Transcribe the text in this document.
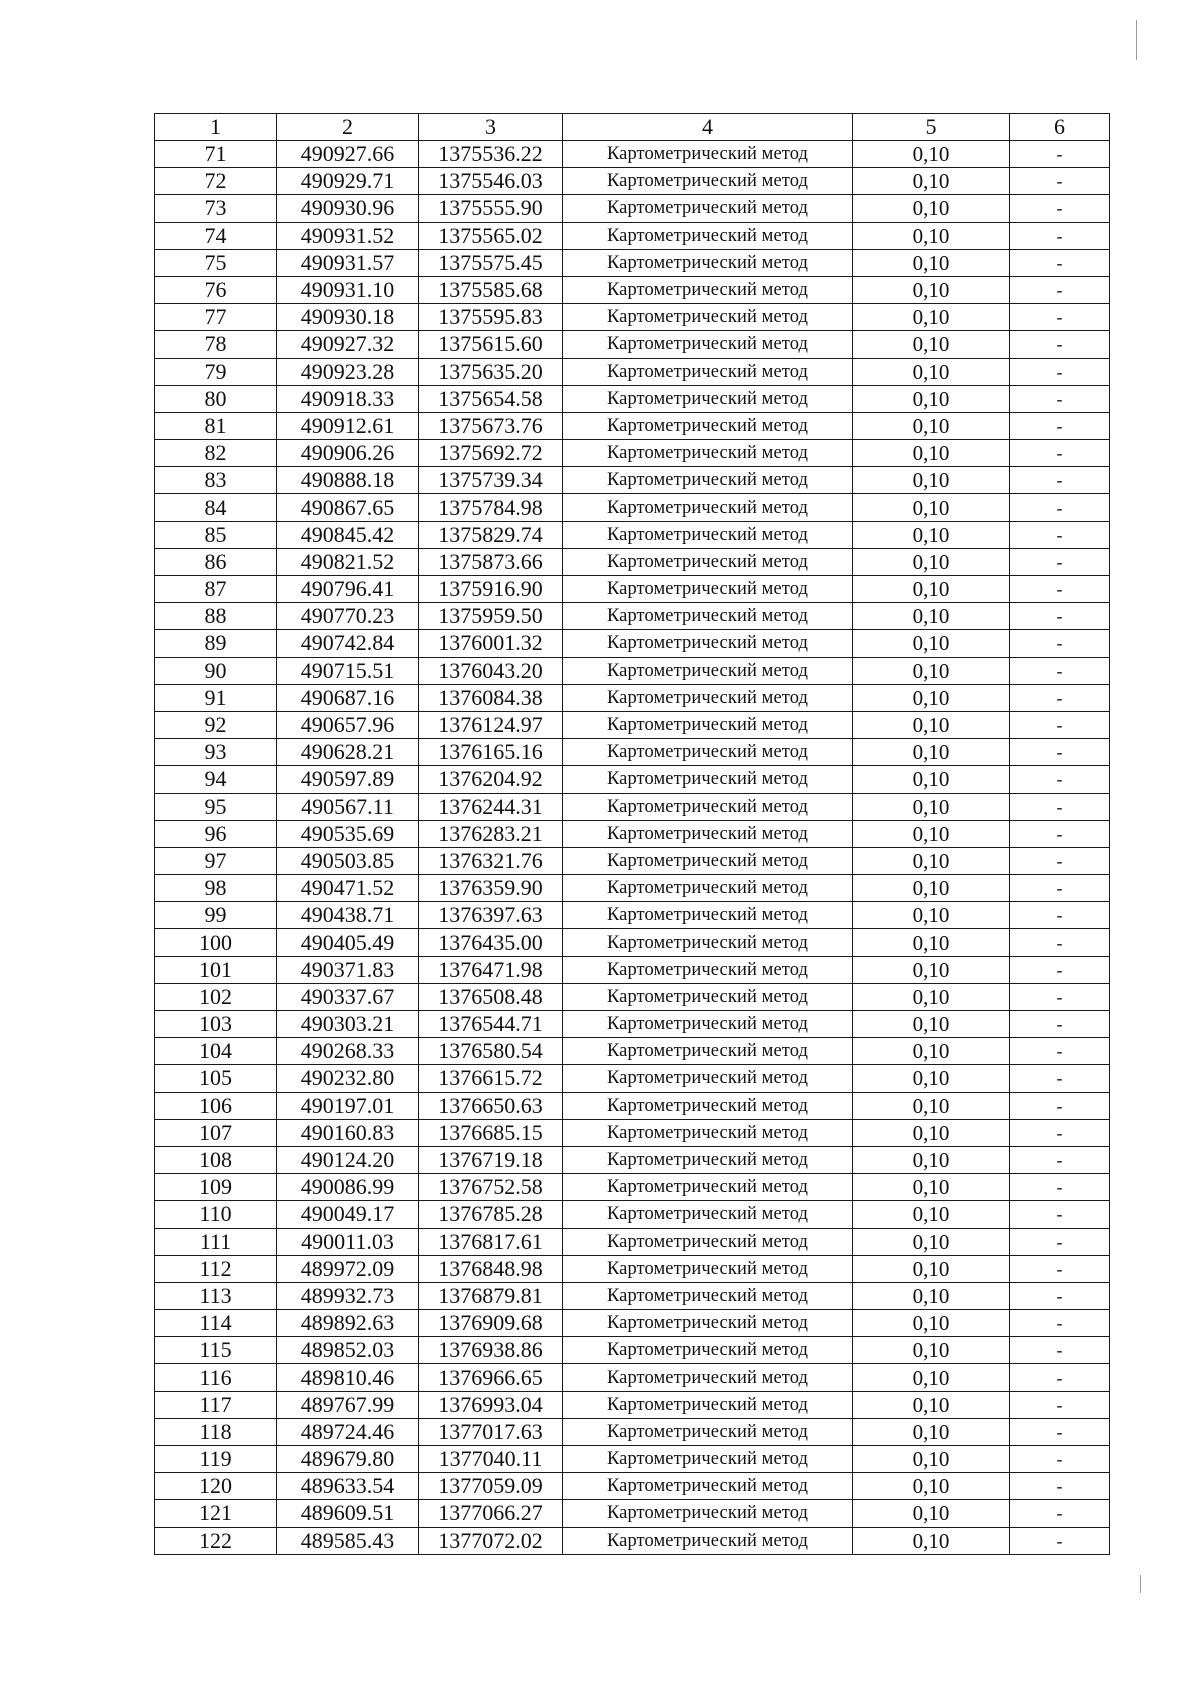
1	2	3	4	5	6
71	490927.66	1375536.22	Картометрический метод	0,10	-
72	490929.71	1375546.03	Картометрический метод	0,10	-
73	490930.96	1375555.90	Картометрический метод	0,10	-
74	490931.52	1375565.02	Картометрический метод	0,10	-
75	490931.57	1375575.45	Картометрический метод	0,10	-
76	490931.10	1375585.68	Картометрический метод	0,10	-
77	490930.18	1375595.83	Картометрический метод	0,10	-
78	490927.32	1375615.60	Картометрический метод	0,10	-
79	490923.28	1375635.20	Картометрический метод	0,10	-
80	490918.33	1375654.58	Картометрический метод	0,10	-
81	490912.61	1375673.76	Картометрический метод	0,10	-
82	490906.26	1375692.72	Картометрический метод	0,10	-
83	490888.18	1375739.34	Картометрический метод	0,10	-
84	490867.65	1375784.98	Картометрический метод	0,10	-
85	490845.42	1375829.74	Картометрический метод	0,10	-
86	490821.52	1375873.66	Картометрический метод	0,10	-
87	490796.41	1375916.90	Картометрический метод	0,10	-
88	490770.23	1375959.50	Картометрический метод	0,10	-
89	490742.84	1376001.32	Картометрический метод	0,10	-
90	490715.51	1376043.20	Картометрический метод	0,10	-
91	490687.16	1376084.38	Картометрический метод	0,10	-
92	490657.96	1376124.97	Картометрический метод	0,10	-
93	490628.21	1376165.16	Картометрический метод	0,10	-
94	490597.89	1376204.92	Картометрический метод	0,10	-
95	490567.11	1376244.31	Картометрический метод	0,10	-
96	490535.69	1376283.21	Картометрический метод	0,10	-
97	490503.85	1376321.76	Картометрический метод	0,10	-
98	490471.52	1376359.90	Картометрический метод	0,10	-
99	490438.71	1376397.63	Картометрический метод	0,10	-
100	490405.49	1376435.00	Картометрический метод	0,10	-
101	490371.83	1376471.98	Картометрический метод	0,10	-
102	490337.67	1376508.48	Картометрический метод	0,10	-
103	490303.21	1376544.71	Картометрический метод	0,10	-
104	490268.33	1376580.54	Картометрический метод	0,10	-
105	490232.80	1376615.72	Картометрический метод	0,10	-
106	490197.01	1376650.63	Картометрический метод	0,10	-
107	490160.83	1376685.15	Картометрический метод	0,10	-
108	490124.20	1376719.18	Картометрический метод	0,10	-
109	490086.99	1376752.58	Картометрический метод	0,10	-
110	490049.17	1376785.28	Картометрический метод	0,10	-
111	490011.03	1376817.61	Картометрический метод	0,10	-
112	489972.09	1376848.98	Картометрический метод	0,10	-
113	489932.73	1376879.81	Картометрический метод	0,10	-
114	489892.63	1376909.68	Картометрический метод	0,10	-
115	489852.03	1376938.86	Картометрический метод	0,10	-
116	489810.46	1376966.65	Картометрический метод	0,10	-
117	489767.99	1376993.04	Картометрический метод	0,10	-
118	489724.46	1377017.63	Картометрический метод	0,10	-
119	489679.80	1377040.11	Картометрический метод	0,10	-
120	489633.54	1377059.09	Картометрический метод	0,10	-
121	489609.51	1377066.27	Картометрический метод	0,10	-
122	489585.43	1377072.02	Картометрический метод	0,10	-
